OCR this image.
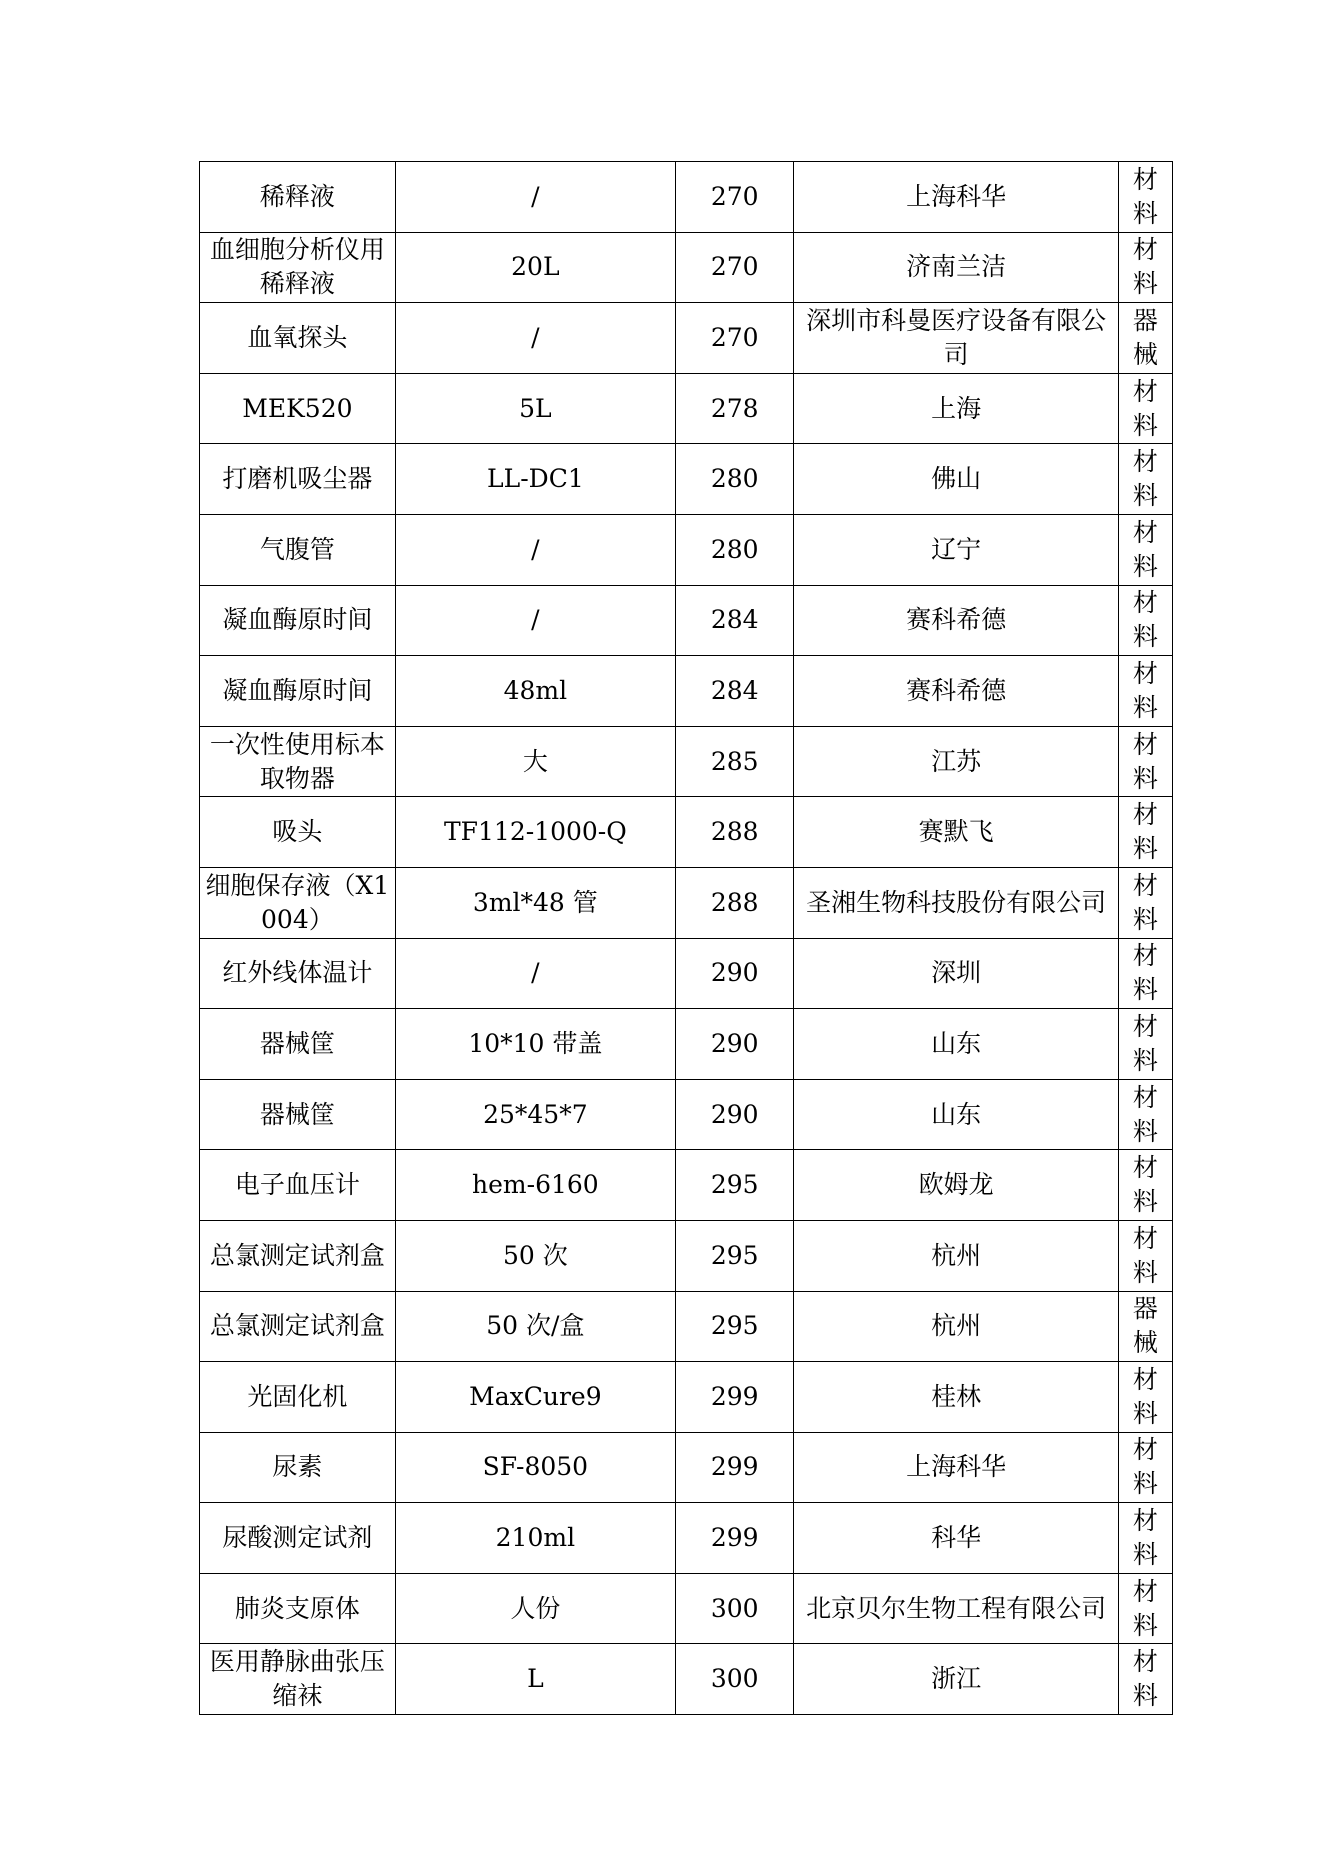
稀释液	/	270	上海科华	材料
血细胞分析仪用稀释液	20L	270	济南兰洁	材料
血氧探头	/	270	深圳市科曼医疗设备有限公司	器械
MEK520	5L	278	上海	材料
打磨机吸尘器	LL-DC1	280	佛山	材料
气腹管	/	280	辽宁	材料
凝血酶原时间	/	284	赛科希德	材料
凝血酶原时间	48ml	284	赛科希德	材料
一次性使用标本取物器	大	285	江苏	材料
吸头	TF112-1000-Q	288	赛默飞	材料
细胞保存液（X1004）	3ml*48 管	288	圣湘生物科技股份有限公司	材料
红外线体温计	/	290	深圳	材料
器械筐	10*10 带盖	290	山东	材料
器械筐	25*45*7	290	山东	材料
电子血压计	hem-6160	295	欧姆龙	材料
总氯测定试剂盒	50 次	295	杭州	材料
总氯测定试剂盒	50 次/盒	295	杭州	器械
光固化机	MaxCure9	299	桂林	材料
尿素	SF-8050	299	上海科华	材料
尿酸测定试剂	210ml	299	科华	材料
肺炎支原体	人份	300	北京贝尔生物工程有限公司	材料
医用静脉曲张压缩袜	L	300	浙江	材料
